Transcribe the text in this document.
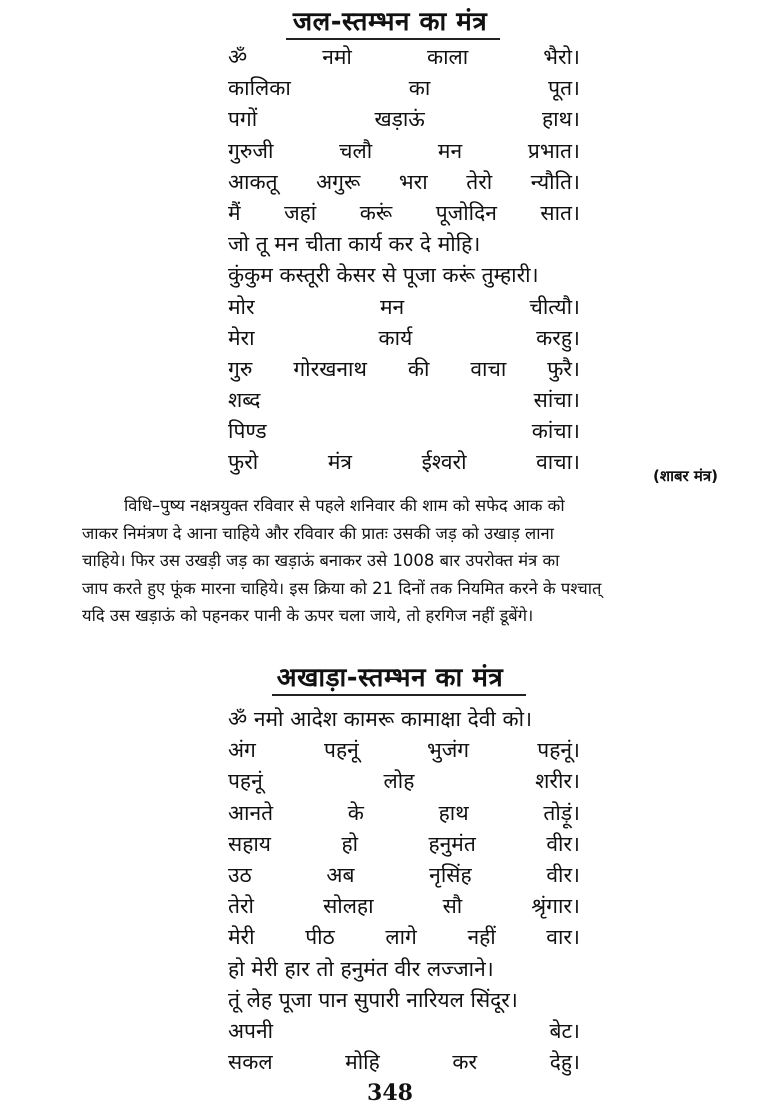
जल-स्तम्भन का मंत्र
ॐ	नमो	काला	भैरो।
कालिका	का	पूत।
पगों	खड़ाऊं	हाथ।
गुरुजी	चलौ	मन	प्रभात।
आकतू अगुरू भरा तेरो न्यौति।
मैं जहां करूं पूजोदिन सात।
जो तू मन चीता कार्य कर दे मोहि।
कुंकुम कस्तूरी केसर से पूजा करूं तुम्हारी।
मोर	मन	चीत्यौ।
मेरा	कार्य	करहु।
गुरु गोरखनाथ की वाचा फुरै।
शब्द	सांचा।
पिण्ड	कांचा।
फुरो	मंत्र	ईश्वरो	वाचा।
(शाबर मंत्र)
विधि–पुष्य नक्षत्रयुक्त रविवार से पहले शनिवार की शाम को सफेद आक को
जाकर निमंत्रण दे आना चाहिये और रविवार की प्रातः उसकी जड़ को उखाड़ लाना
चाहिये। फिर उस उखड़ी जड़ का खड़ाऊं बनाकर उसे 1008 बार उपरोक्त मंत्र का
जाप करते हुए फूंक मारना चाहिये। इस क्रिया को 21 दिनों तक नियमित करने के पश्चात्
यदि उस खड़ाऊं को पहनकर पानी के ऊपर चला जाये, तो हरगिज नहीं डूबेंगे।
अखाड़ा-स्तम्भन का मंत्र
ॐ नमो आदेश कामरू कामाक्षा देवी को।
अंग	पहनूं	भुजंग	पहनूं।
पहनूं	लोह	शरीर।
आनते	के	हाथ	तोड़ूं।
सहाय	हो	हनुमंत	वीर।
उठ	अब	नृसिंह	वीर।
तेरो	सोलहा	सौ	श्रृंगार।
मेरी पीठ लागे नहीं वार।
हो मेरी हार तो हनुमंत वीर लज्जाने।
तूं लेह पूजा पान सुपारी नारियल सिंदूर।
अपनी	बेट।
सकल	मोहि	कर	देहु।
348
